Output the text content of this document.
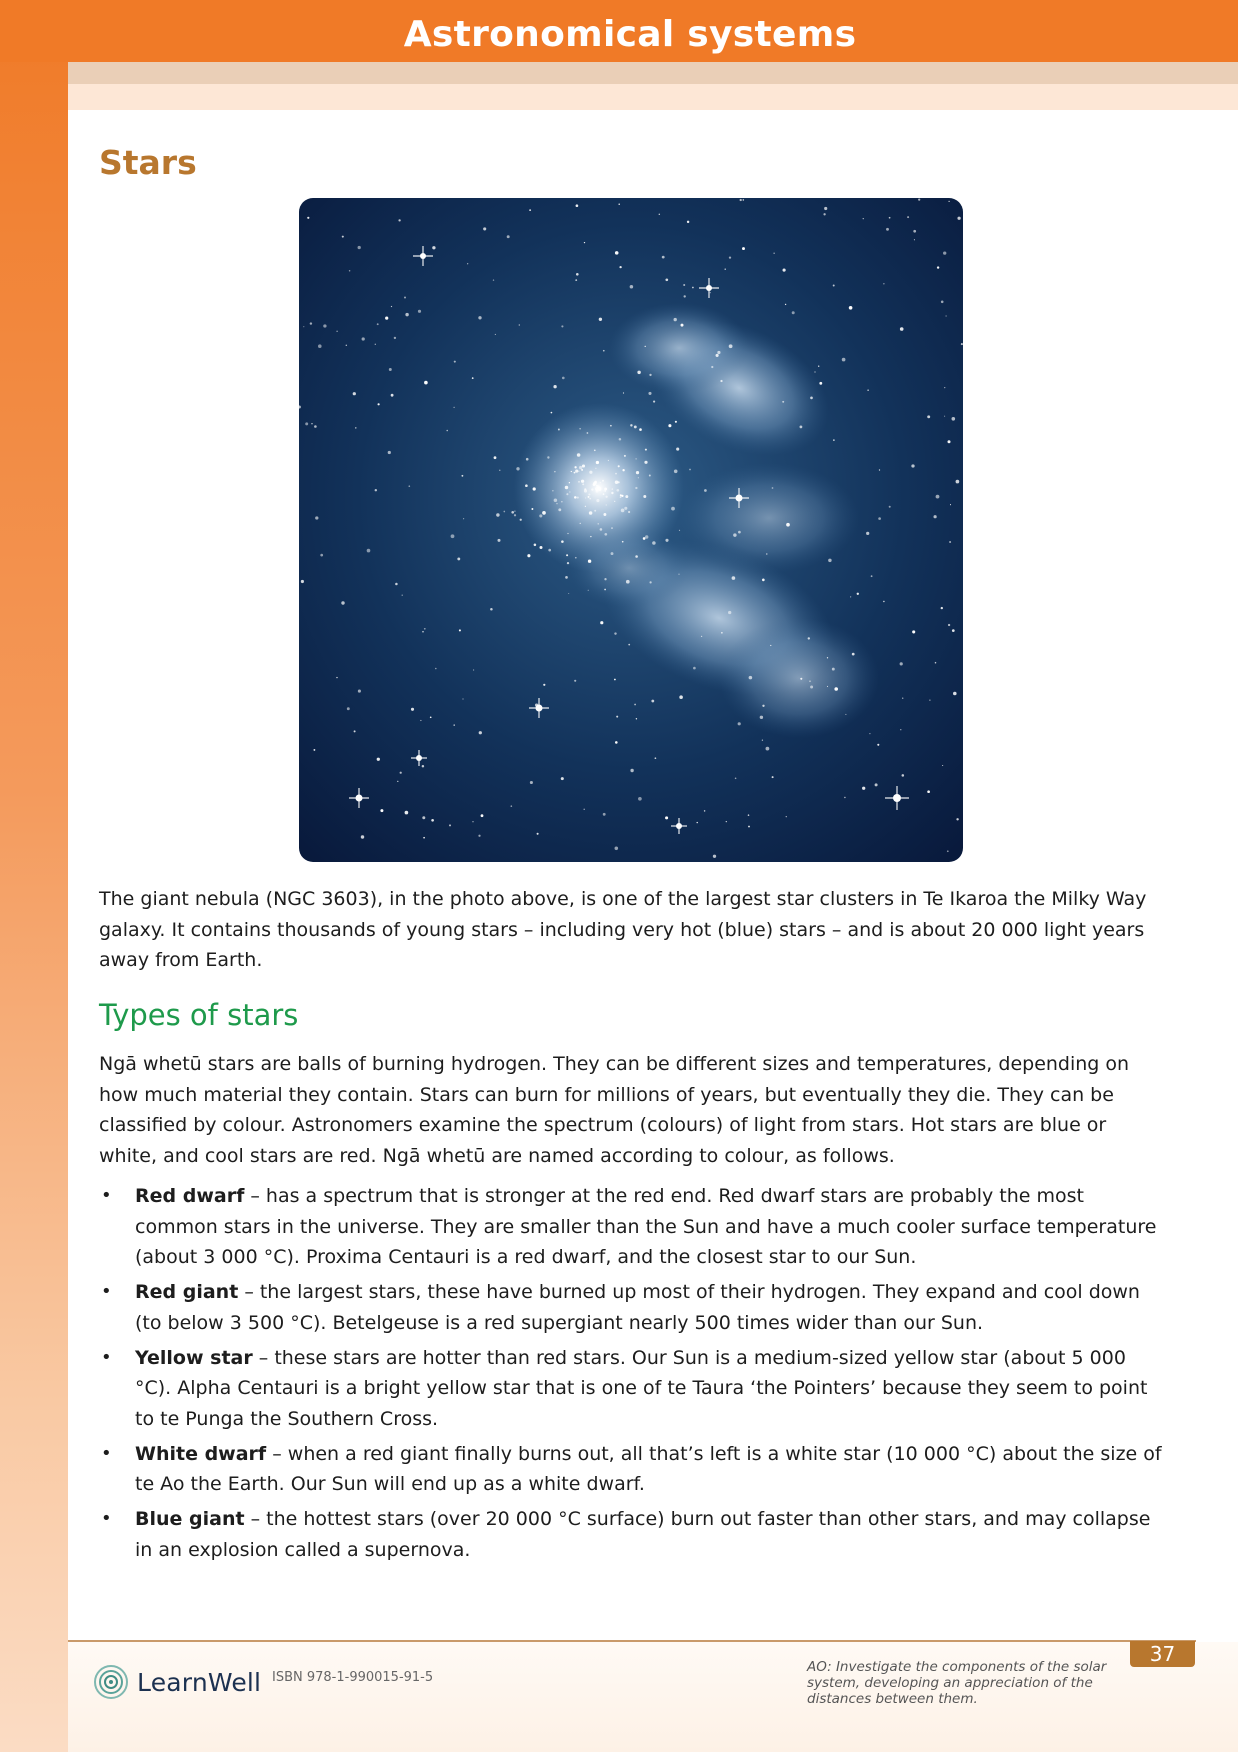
Astronomical systems
Stars

The giant nebula (NGC 3603), in the photo above, is one of the largest star clusters in Te Ikaroa the Milky Way galaxy. It contains thousands of young stars – including very hot (blue) stars – and is about 20 000 light years away from Earth.

Types of stars

Ngā whetū stars are balls of burning hydrogen. They can be different sizes and temperatures, depending on how much material they contain. Stars can burn for millions of years, but eventually they die. They can be classified by colour. Astronomers examine the spectrum (colours) of light from stars. Hot stars are blue or white, and cool stars are red. Ngā whetū are named according to colour, as follows.

• Red dwarf – has a spectrum that is stronger at the red end. Red dwarf stars are probably the most common stars in the universe. They are smaller than the Sun and have a much cooler surface temperature (about 3 000 °C). Proxima Centauri is a red dwarf, and the closest star to our Sun.
• Red giant – the largest stars, these have burned up most of their hydrogen. They expand and cool down (to below 3 500 °C). Betelgeuse is a red supergiant nearly 500 times wider than our Sun.
• Yellow star – these stars are hotter than red stars. Our Sun is a medium-sized yellow star (about 5 000 °C). Alpha Centauri is a bright yellow star that is one of te Taura ‘the Pointers’ because they seem to point to te Punga the Southern Cross.
• White dwarf – when a red giant finally burns out, all that’s left is a white star (10 000 °C) about the size of te Ao the Earth. Our Sun will end up as a white dwarf.
• Blue giant – the hottest stars (over 20 000 °C surface) burn out faster than other stars, and may collapse in an explosion called a supernova.
37
LearnWell ISBN 978-1-990015-91-5
AO: Investigate the components of the solar system, developing an appreciation of the distances between them.
